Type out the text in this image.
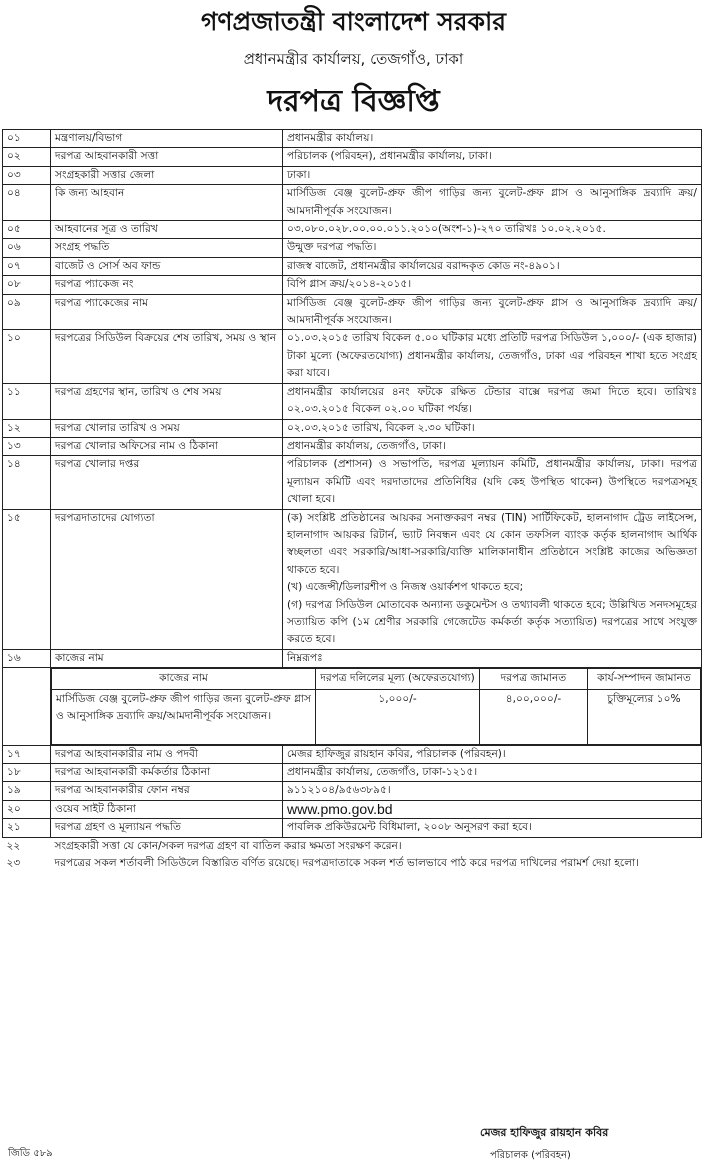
গণপ্রজাতন্ত্রী বাংলাদেশ সরকার
প্রধানমন্ত্রীর কার্যালয়, তেজগাঁও, ঢাকা
দরপত্র বিজ্ঞপ্তি
০১	মন্ত্রণালয়/বিভাগ	প্রধানমন্ত্রীর কার্যালয়।
০২	দরপত্র আহবানকারী সত্তা	পরিচালক (পরিবহন), প্রধানমন্ত্রীর কার্যালয়, ঢাকা।
০৩	সংগ্রহকারী সত্তার জেলা	ঢাকা।
০৪	কি জন্য আহবান	মার্সিডিজ বেঞ্জ বুলেট-প্রুফ জীপ গাড়ির জন্য বুলেট-প্রুফ গ্লাস ও আনুসাঙ্গিক দ্রব্যাদি ক্রয়/আমদানীপূর্বক সংযোজন।
০৫	আহবানের সূত্র ও তারিখ	০৩.০৮০.০২৮.০০.০০.০১১.২০১০(অংশ-১)-২৭০ তারিখঃ ১০.০২.২০১৫.
০৬	সংগ্রহ পদ্ধতি	উন্মুক্ত দরপত্র পদ্ধতি।
০৭	বাজেট ও সোর্স অব ফান্ড	রাজস্ব বাজেট, প্রধানমন্ত্রীর কার্যালয়ের বরাদ্দকৃত কোড নং-৪৯০১।
০৮	দরপত্র প্যাকেজ নং	বিপি গ্লাস ক্রয়/২০১৪-২০১৫।
০৯	দরপত্র প্যাকেজের নাম	মার্সিডিজ বেঞ্জ বুলেট-প্রুফ জীপ গাড়ির জন্য বুলেট-প্রুফ গ্লাস ও আনুসাঙ্গিক দ্রব্যাদি ক্রয়/আমদানীপূর্বক সংযোজন।
১০	দরপত্রের সিডিউল বিক্রয়ের শেষ তারিখ, সময় ও স্থান	০১.০৩.২০১৫ তারিখ বিকেল ৫.০০ ঘটিকার মধ্যে প্রতিটি দরপত্র সিডিউল ১,০০০/- (এক হাজার) টাকা মুল্যে (অফেরতযোগ্য) প্রধানমন্ত্রীর কার্যালয়, তেজগাঁও, ঢাকা এর পরিবহন শাখা হতে সংগ্রহ করা যাবে।
১১	দরপত্র গ্রহণের স্থান, তারিখ ও শেষ সময়	প্রধানমন্ত্রীর কার্যালয়ের ৪নং ফটকে রক্ষিত টেন্ডার বাক্সে দরপত্র জমা দিতে হবে। তারিখঃ ০২.০৩.২০১৫ বিকেল ০২.০০ ঘটিকা পর্যন্ত।
১২	দরপত্র খোলার তারিখ ও সময়	০২.০৩.২০১৫ তারিখ, বিকেল ২.৩০ ঘটিকা।
১৩	দরপত্র খোলার অফিসের নাম ও ঠিকানা	প্রধানমন্ত্রীর কার্যালয়, তেজগাঁও, ঢাকা।
১৪	দরপত্র খোলার দপ্তর	পরিচালক (প্রশাসন) ও সভাপতি, দরপত্র মূল্যায়ন কমিটি, প্রধানমন্ত্রীর কার্যালয়, ঢাকা। দরপত্র মূল্যায়ন কমিটি এবং দরদাতাদের প্রতিনিধির (যদি কেহ উপস্থিত থাকেন) উপস্থিতে দরপত্রসমূহ খোলা হবে।
১৫	দরপত্রদাতাদের যোগ্যতা	(ক) সংশ্লিষ্ট প্রতিষ্ঠানের আয়কর সনাক্তকরণ নম্বর (TIN) সার্টিফিকেট, হালনাগাদ ট্রেড লাইসেন্স, হালনাগাদ আয়কর রিটার্ন, ভ্যাট নিবন্ধন এবং যে কোন তফসিল ব্যাংক কর্তৃক হালনাগাদ আর্থিক স্বচ্ছলতা এবং সরকারি/আধা-সরকারি/ব্যক্তি মালিকানাধীন প্রতিষ্ঠানে সংশ্লিষ্ট কাজের অভিজ্ঞতা থাকতে হবে।
(খ) এজেন্সী/ডিলারশীপ ও নিজস্ব ওয়ার্কশপ থাকতে হবে;
(গ) দরপত্র সিডিউল মোতাবেক অন্যান্য ডকুমেন্টস ও তথ্যাবলী থাকতে হবে; উল্লিখিত সনদসমূহের সত্যায়িত কপি (১ম শ্রেণীর সরকারি গেজেটেড কর্মকর্তা কর্তৃক সত্যায়িত) দরপত্রের সাথে সংযুক্ত করতে হবে।

১৬	কাজের নাম	নিম্নরূপঃ

কাজের নাম	দরপত্র দলিলের মূল্য (অফেরতযোগ্য)	দরপত্র জামানত	কার্য-সম্পাদন জামানত
মার্সিডিজ বেঞ্জ বুলেট-প্রুফ জীপ গাড়ির জন্য বুলেট-প্রুফ গ্লাস ও আনুসাঙ্গিক দ্রব্যাদি ক্রয়/আমদানীপূর্বক সংযোজন।	১,০০০/-	৪,০০,০০০/-	চুক্তিমূল্যের ১০%

১৭	দরপত্র আহবানকারীর নাম ও পদবী	মেজর হাফিজুর রায়হান কবির, পরিচালক (পরিবহন)।
১৮	দরপত্র আহবানকারী কর্মকর্তার ঠিকানা	প্রধানমন্ত্রীর কার্যালয়, তেজগাঁও, ঢাকা-১২১৫।
১৯	দরপত্র আহবানকারীর ফোন নম্বর	৯১১২১০৪/৯৫৬৩৮৯৫।
২০	ওয়েব সাইট ঠিকানা	www.pmo.gov.bd
২১	দরপত্র গ্রহণ ও মূল্যায়ন পদ্ধতি	পাবলিক প্রকিউরমেন্ট বিধিমালা, ২০০৮ অনুসরণ করা হবে।
২২	সংগ্রহকারী সত্তা যে কোন/সকল দরপত্র গ্রহণ বা বাতিল করার ক্ষমতা সংরক্ষণ করেন।
২৩	দরপত্রের সকল শর্তাবলী সিডিউলে বিস্তারিত বর্ণিত রয়েছে। দরপত্রদাতাকে সকল শর্ত ভালভাবে পাঠ করে দরপত্র দাখিলের পরামর্শ দেয়া হলো।
মেজর হাফিজুর রায়হান কবির
পরিচালক (পরিবহন)
জিডি ৫৮৯
